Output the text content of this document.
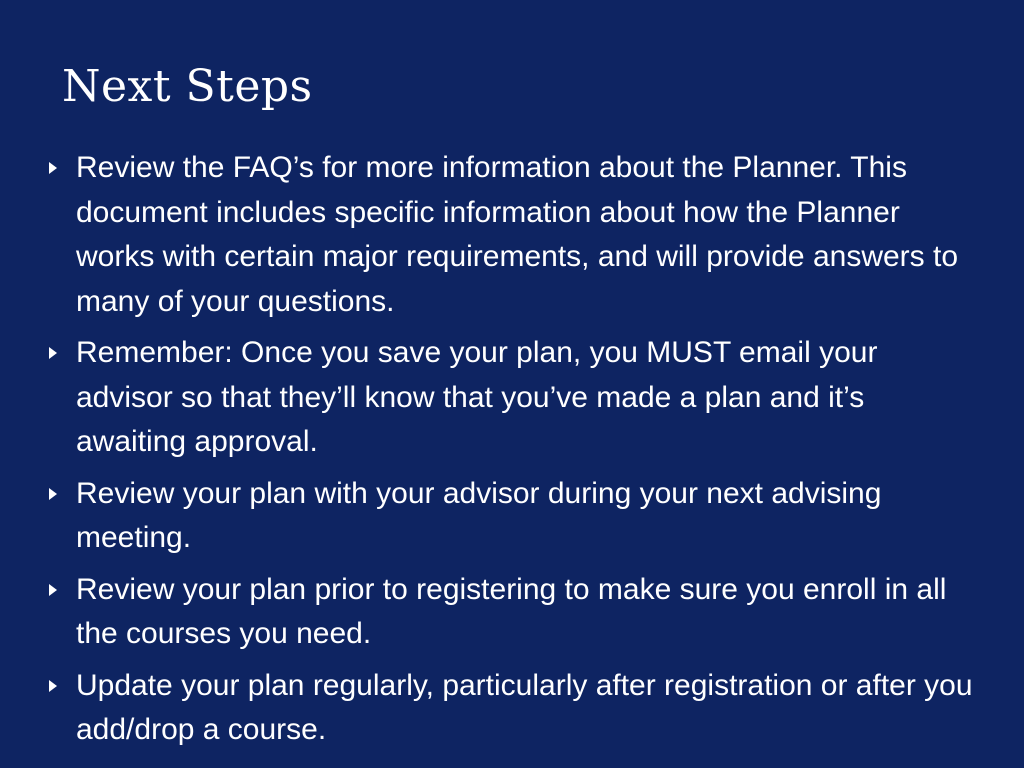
Next Steps
Review the FAQ’s for more information about the Planner. This document includes specific information about how the Planner works with certain major requirements, and will provide answers to many of your questions.
Remember: Once you save your plan, you MUST email your advisor so that they’ll know that you’ve made a plan and it’s awaiting approval.
Review your plan with your advisor during your next advising meeting.
Review your plan prior to registering to make sure you enroll in all the courses you need.
Update your plan regularly, particularly after registration or after you add/drop a course.
